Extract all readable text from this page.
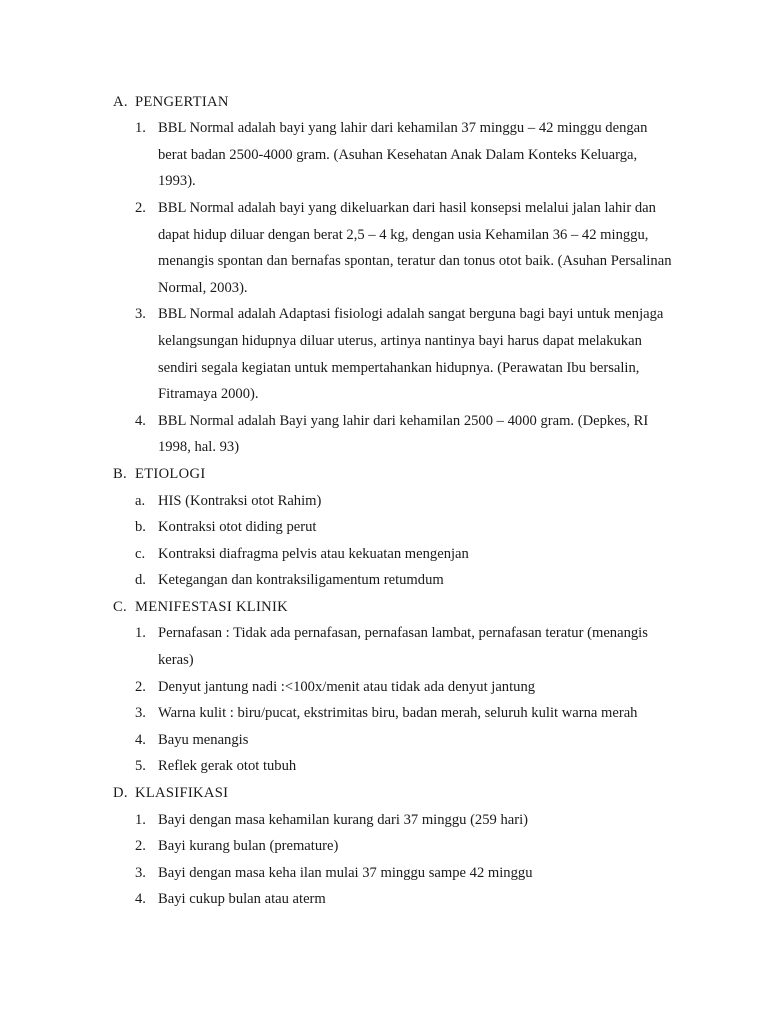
A. PENGERTIAN
1. BBL Normal adalah bayi yang lahir dari kehamilan 37 minggu – 42 minggu dengan berat badan 2500-4000 gram. (Asuhan Kesehatan Anak Dalam Konteks Keluarga, 1993).
2. BBL Normal adalah bayi yang dikeluarkan dari hasil konsepsi melalui jalan lahir dan dapat hidup diluar dengan berat 2,5 – 4 kg, dengan usia Kehamilan 36 – 42 minggu, menangis spontan dan bernafas spontan, teratur dan tonus otot baik. (Asuhan Persalinan Normal, 2003).
3. BBL Normal adalah Adaptasi fisiologi adalah sangat berguna bagi bayi untuk menjaga kelangsungan hidupnya diluar uterus, artinya nantinya bayi harus dapat melakukan sendiri segala kegiatan untuk mempertahankan hidupnya. (Perawatan Ibu bersalin, Fitramaya 2000).
4. BBL Normal adalah Bayi yang lahir dari kehamilan 2500 – 4000 gram. (Depkes, RI 1998, hal. 93)
B. ETIOLOGI
a. HIS (Kontraksi otot Rahim)
b. Kontraksi otot diding perut
c. Kontraksi diafragma pelvis atau kekuatan mengenjan
d. Ketegangan dan kontraksiligamentum retumdum
C. MENIFESTASI KLINIK
1. Pernafasan : Tidak ada pernafasan, pernafasan lambat, pernafasan teratur (menangis keras)
2. Denyut jantung nadi :<100x/menit atau tidak ada denyut jantung
3. Warna kulit : biru/pucat, ekstrimitas biru, badan merah, seluruh kulit warna merah
4. Bayu menangis
5. Reflek gerak otot tubuh
D. KLASIFIKASI
1. Bayi dengan masa kehamilan kurang dari 37 minggu (259 hari)
2. Bayi kurang bulan (premature)
3. Bayi dengan masa keha ilan mulai 37 minggu sampe 42 minggu
4. Bayi cukup bulan atau aterm
